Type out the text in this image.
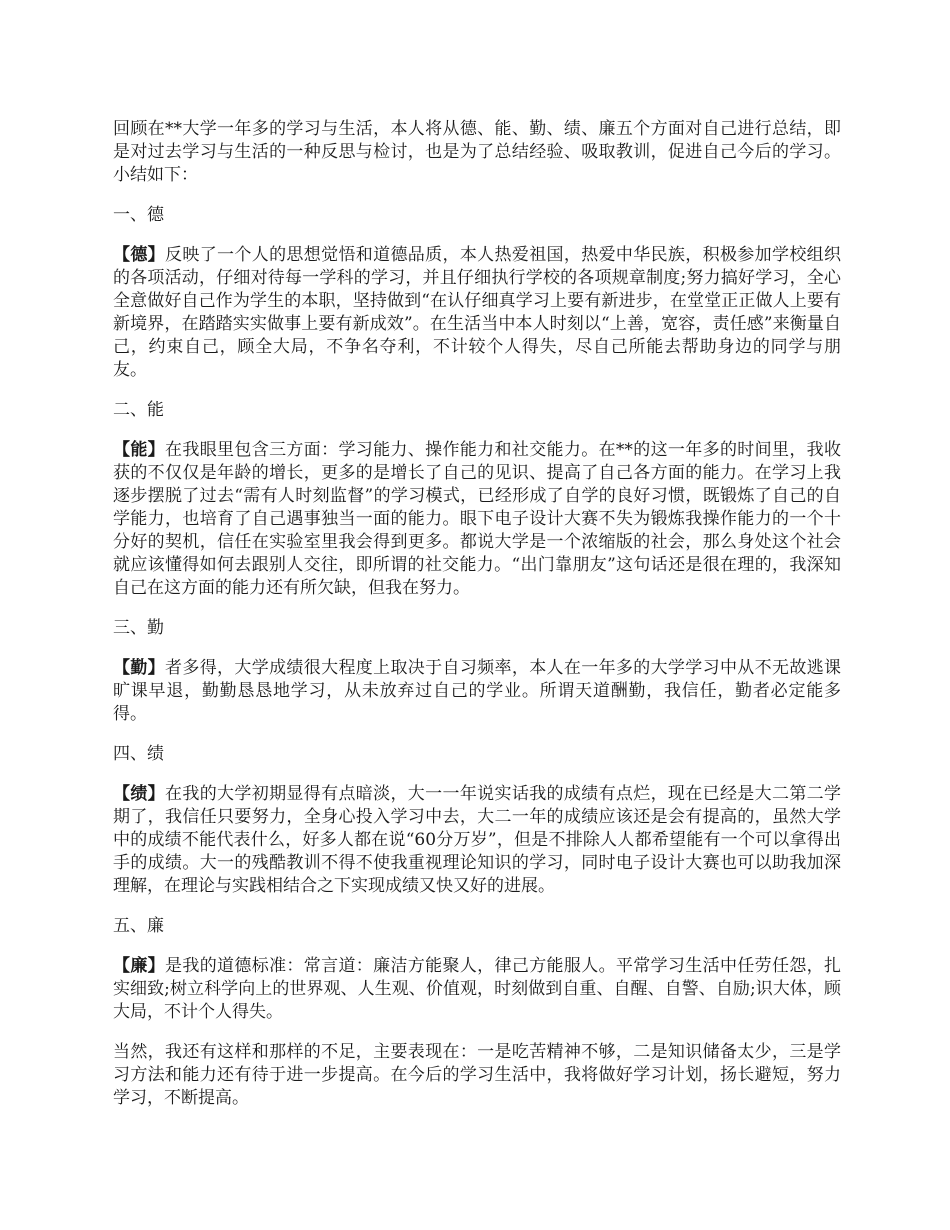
回顾在**大学一年多的学习与生活，本人将从德、能、勤、绩、廉五个方面对自己进行总结，即是对过去学习与生活的一种反思与检讨，也是为了总结经验、吸取教训，促进自己今后的学习。小结如下：

一、德

【德】反映了一个人的思想觉悟和道德品质，本人热爱祖国，热爱中华民族，积极参加学校组织的各项活动，仔细对待每一学科的学习，并且仔细执行学校的各项规章制度;努力搞好学习，全心全意做好自己作为学生的本职，坚持做到“在认仔细真学习上要有新进步，在堂堂正正做人上要有新境界，在踏踏实实做事上要有新成效”。在生活当中本人时刻以“上善，宽容，责任感”来衡量自己，约束自己，顾全大局，不争名夺利，不计较个人得失，尽自己所能去帮助身边的同学与朋友。

二、能

【能】在我眼里包含三方面：学习能力、操作能力和社交能力。在**的这一年多的时间里，我收获的不仅仅是年龄的增长，更多的是增长了自己的见识、提高了自己各方面的能力。在学习上我逐步摆脱了过去“需有人时刻监督”的学习模式，已经形成了自学的良好习惯，既锻炼了自己的自学能力，也培育了自己遇事独当一面的能力。眼下电子设计大赛不失为锻炼我操作能力的一个十分好的契机，信任在实验室里我会得到更多。都说大学是一个浓缩版的社会，那么身处这个社会就应该懂得如何去跟别人交往，即所谓的社交能力。“出门靠朋友”这句话还是很在理的，我深知自己在这方面的能力还有所欠缺，但我在努力。

三、勤

【勤】者多得，大学成绩很大程度上取决于自习频率，本人在一年多的大学学习中从不无故逃课旷课早退，勤勤恳恳地学习，从未放弃过自己的学业。所谓天道酬勤，我信任，勤者必定能多得。

四、绩

【绩】在我的大学初期显得有点暗淡，大一一年说实话我的成绩有点烂，现在已经是大二第二学期了，我信任只要努力，全身心投入学习中去，大二一年的成绩应该还是会有提高的，虽然大学中的成绩不能代表什么，好多人都在说“60分万岁”，但是不排除人人都希望能有一个可以拿得出手的成绩。大一的残酷教训不得不使我重视理论知识的学习，同时电子设计大赛也可以助我加深理解，在理论与实践相结合之下实现成绩又快又好的进展。

五、廉

【廉】是我的道德标准：常言道：廉洁方能聚人，律己方能服人。平常学习生活中任劳任怨，扎实细致;树立科学向上的世界观、人生观、价值观，时刻做到自重、自醒、自警、自励;识大体，顾大局，不计个人得失。

当然，我还有这样和那样的不足，主要表现在：一是吃苦精神不够，二是知识储备太少，三是学习方法和能力还有待于进一步提高。在今后的学习生活中，我将做好学习计划，扬长避短，努力学习，不断提高。
